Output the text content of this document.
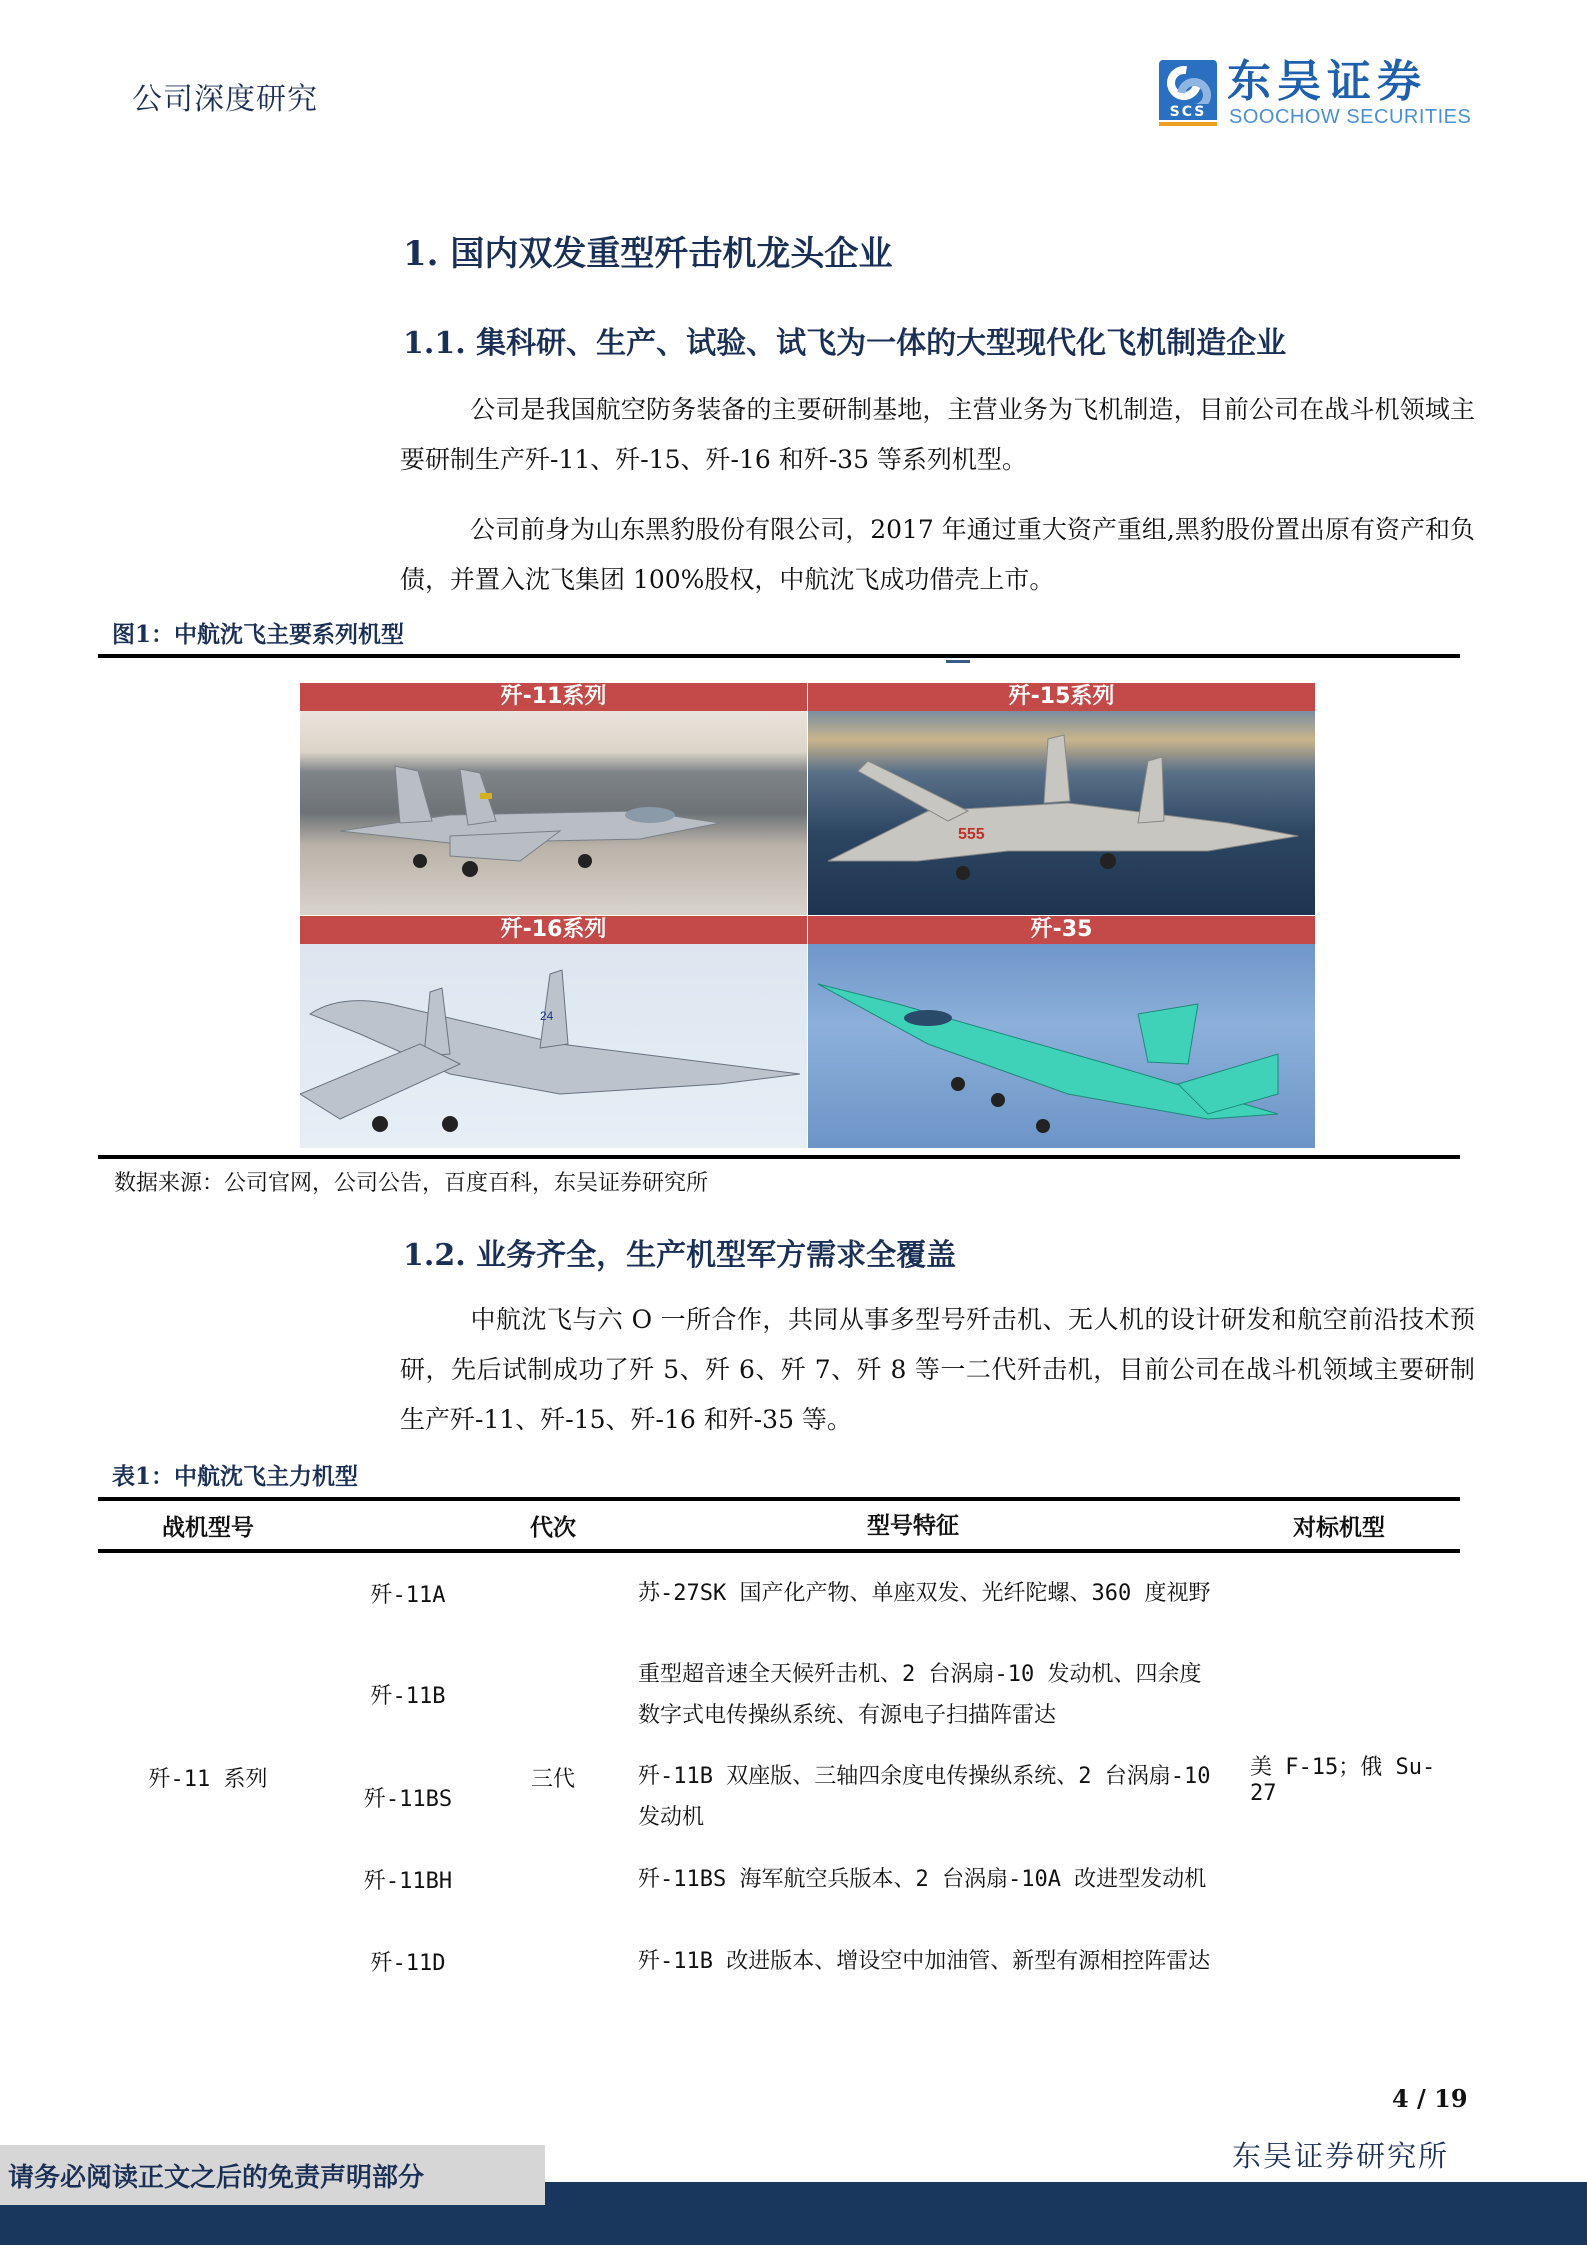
公司深度研究	SCS
东吴证券
SOOCHOW SECURITIES
1. 国内双发重型歼击机龙头企业
1.1. 集科研、生产、试验、试飞为一体的大型现代化飞机制造企业
公司是我国航空防务装备的主要研制基地，主营业务为飞机制造，目前公司在战斗机领域主要研制生产歼-11、歼-15、歼-16 和歼-35 等系列机型。
公司前身为山东黑豹股份有限公司，2017 年通过重大资产重组,黑豹股份置出原有资产和负债，并置入沈飞集团 100%股权，中航沈飞成功借壳上市。
图1：中航沈飞主要系列机型
歼-11系列	歼-15系列
555
歼-16系列
24
歼-35
数据来源：公司官网，公司公告，百度百科，东吴证券研究所
1.2. 业务齐全，生产机型军方需求全覆盖
中航沈飞与六 O 一所合作，共同从事多型号歼击机、无人机的设计研发和航空前沿技术预研，先后试制成功了歼 5、歼 6、歼 7、歼 8 等一二代歼击机，目前公司在战斗机领域主要研制生产歼-11、歼-15、歼-16 和歼-35 等。
表1：中航沈飞主力机型
战机型号		代次	型号特征	对标机型
歼-11 系列	歼-11A	三代	苏-27SK 国产化产物、单座双发、光纤陀螺、360 度视野	美 F-15；俄 Su-27
	歼-11B		重型超音速全天候歼击机、2 台涡扇-10 发动机、四余度数字式电传操纵系统、有源电子扫描阵雷达	
	歼-11BS		歼-11B 双座版、三轴四余度电传操纵系统、2 台涡扇-10 发动机	
	歼-11BH		歼-11BS 海军航空兵版本、2 台涡扇-10A 改进型发动机	
	歼-11D		歼-11B 改进版本、增设空中加油管、新型有源相控阵雷达	
4 / 19
东吴证券研究所
请务必阅读正文之后的免责声明部分
